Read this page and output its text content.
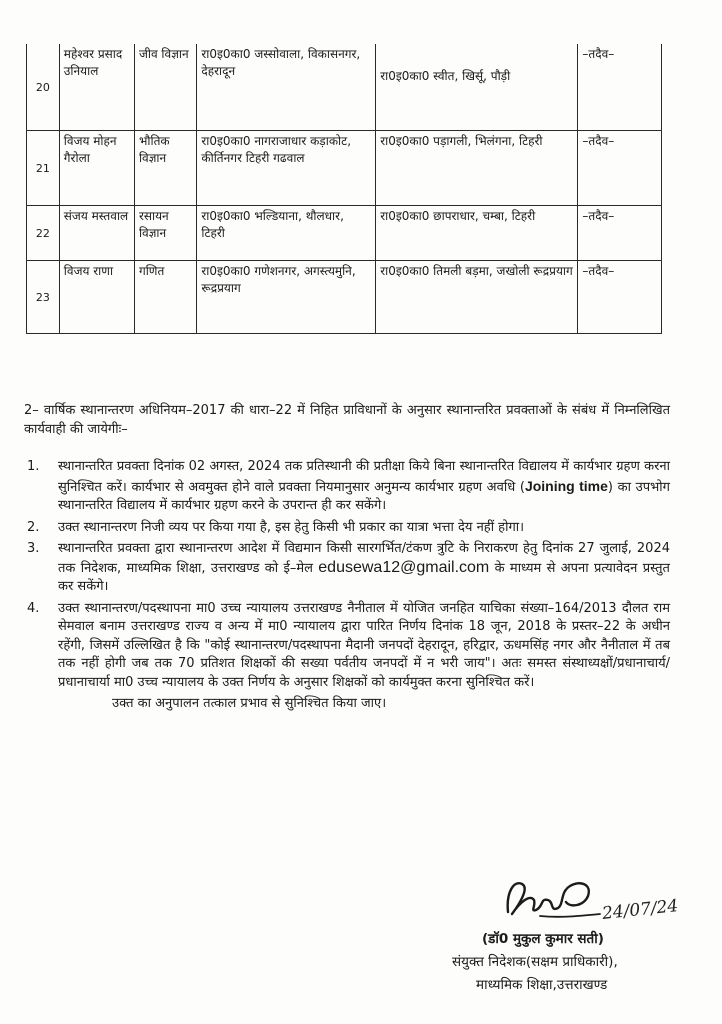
20	महेश्वर प्रसाद उनियाल	जीव विज्ञान	रा0इ0का0 जस्सोवाला, विकासनगर, देहरादून	रा0इ0का0 स्वीत, खिर्सू, पौड़ी	–तदैव–
21	विजय मोहन गैरोला	भौतिक विज्ञान	रा0इ0का0 नागराजाधार कड़ाकोट, कीर्तिनगर टिहरी गढवाल	रा0इ0का0 पड़ागली, भिलंगना, टिहरी	–तदैव–
22	संजय मस्तवाल	रसायन विज्ञान	रा0इ0का0 भल्डियाना, थौलधार, टिहरी	रा0इ0का0 छापराधार, चम्बा, टिहरी	–तदैव–
23	विजय राणा	गणित	रा0इ0का0 गणेशनगर, अगस्त्यमुनि, रूद्रप्रयाग	रा0इ0का0 तिमली बड़मा, जखोली रूद्रप्रयाग	–तदैव–

2– वार्षिक स्थानान्तरण अधिनियम–2017 की धारा–22 में निहित प्राविधानों के अनुसार स्थानान्तरित प्रवक्ताओं के संबंध में निम्नलिखित कार्यवाही की जायेगीः–

1. स्थानान्तरित प्रवक्ता दिनांक 02 अगस्त, 2024 तक प्रतिस्थानी की प्रतीक्षा किये बिना स्थानान्तरित विद्यालय में कार्यभार ग्रहण करना सुनिश्चित करें। कार्यभार से अवमुक्त होने वाले प्रवक्ता नियमानुसार अनुमन्य कार्यभार ग्रहण अवधि (Joining time) का उपभोग स्थानान्तरित विद्यालय में कार्यभार ग्रहण करने के उपरान्त ही कर सकेंगे।
2. उक्त स्थानान्तरण निजी व्यय पर किया गया है, इस हेतु किसी भी प्रकार का यात्रा भत्ता देय नहीं होगा।
3. स्थानान्तरित प्रवक्ता द्वारा स्थानान्तरण आदेश में विद्यमान किसी सारगर्भित/टंकण त्रुटि के निराकरण हेतु दिनांक 27 जुलाई, 2024 तक निदेशक, माध्यमिक शिक्षा, उत्तराखण्ड को ई–मेल edusewa12@gmail.com के माध्यम से अपना प्रत्यावेदन प्रस्तुत कर सकेंगे।
4. उक्त स्थानान्तरण/पदस्थापना मा0 उच्च न्यायालय उत्तराखण्ड नैनीताल में योजित जनहित याचिका संख्या–164/2013 दौलत राम सेमवाल बनाम उत्तराखण्ड राज्य व अन्य में मा0 न्यायालय द्वारा पारित निर्णय दिनांक 18 जून, 2018 के प्रस्तर–22 के अधीन रहेंगी, जिसमें उल्लिखित है कि "कोई स्थानान्तरण/पदस्थापना मैदानी जनपदों देहरादून, हरिद्वार, ऊधमसिंह नगर और नैनीताल में तब तक नहीं होगी जब तक 70 प्रतिशत शिक्षकों की सख्या पर्वतीय जनपदों में न भरी जाय"। अतः समस्त संस्थाध्यक्षों/प्रधानाचार्य/प्रधानाचार्या मा0 उच्च न्यायालय के उक्त निर्णय के अनुसार शिक्षकों को कार्यमुक्त करना सुनिश्चित करें।

उक्त का अनुपालन तत्काल प्रभाव से सुनिश्चित किया जाए।

24/07/24
(डॉ0 मुकुल कुमार सती)
संयुक्त निदेशक(सक्षम प्राधिकारी),
माध्यमिक शिक्षा,उत्तराखण्ड
